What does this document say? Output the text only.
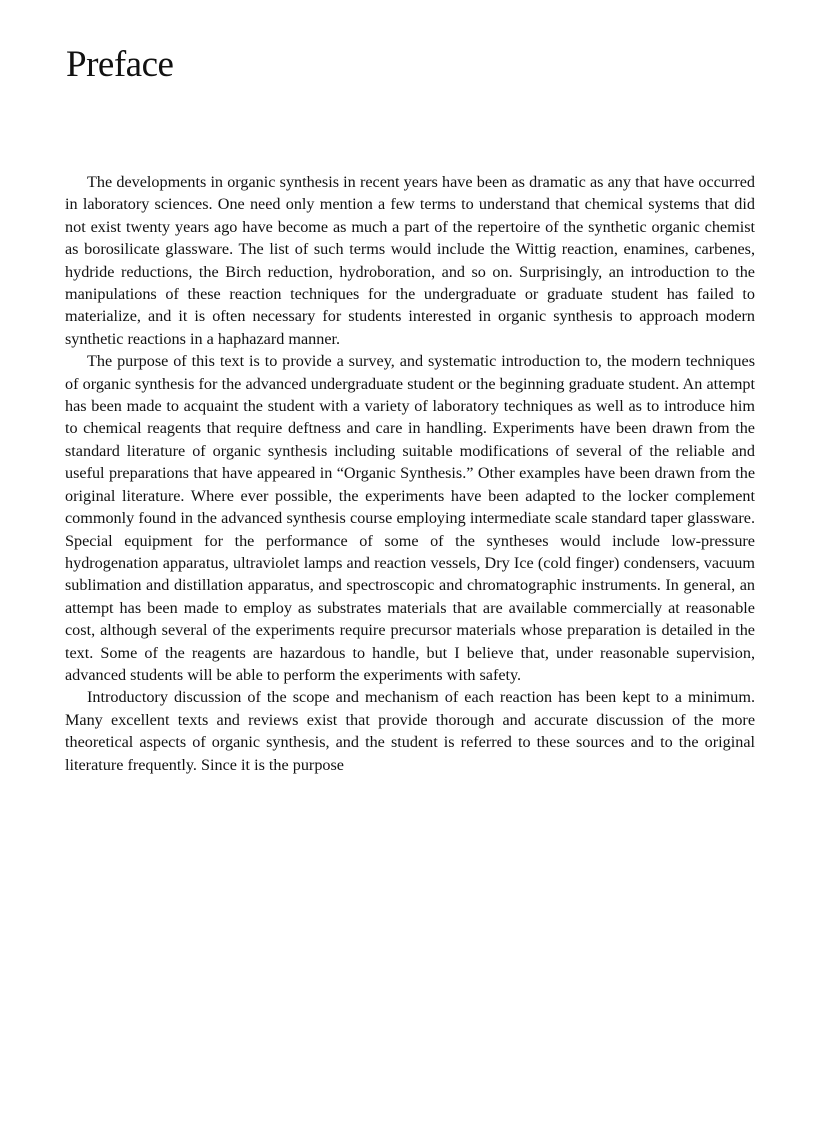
Preface

The developments in organic synthesis in recent years have been as dramatic as any that have occurred in laboratory sciences. One need only mention a few terms to understand that chemical systems that did not exist twenty years ago have become as much a part of the repertoire of the synthetic organic chemist as borosilicate glassware. The list of such terms would include the Wittig reaction, enamines, carbenes, hydride reductions, the Birch reduction, hydroboration, and so on. Surprisingly, an introduction to the manipulations of these reaction techniques for the undergraduate or graduate student has failed to materialize, and it is often necessary for students interested in organic synthesis to approach modern synthetic reactions in a haphazard manner.

The purpose of this text is to provide a survey, and systematic introduction to, the modern techniques of organic synthesis for the advanced undergraduate student or the beginning graduate student. An attempt has been made to acquaint the student with a variety of laboratory techniques as well as to introduce him to chemical reagents that require deftness and care in handling. Experiments have been drawn from the standard literature of organic synthesis including suitable modifications of several of the reliable and useful preparations that have appeared in “Organic Synthesis.” Other examples have been drawn from the original literature. Where ever possible, the experiments have been adapted to the locker complement commonly found in the advanced synthesis course employing intermediate scale standard taper glassware. Special equipment for the performance of some of the syntheses would include low-pressure hydrogenation apparatus, ultraviolet lamps and reaction vessels, Dry Ice (cold finger) condensers, vacuum sublimation and distillation apparatus, and spectroscopic and chromatographic instruments. In general, an attempt has been made to employ as substrates materials that are available commercially at reasonable cost, although several of the experiments require precursor materials whose preparation is detailed in the text. Some of the reagents are hazardous to handle, but I believe that, under reasonable supervision, advanced students will be able to perform the experiments with safety.

Introductory discussion of the scope and mechanism of each reaction has been kept to a minimum. Many excellent texts and reviews exist that provide thorough and accurate discussion of the more theoretical aspects of organic synthesis, and the student is referred to these sources and to the original literature frequently. Since it is the purpose
